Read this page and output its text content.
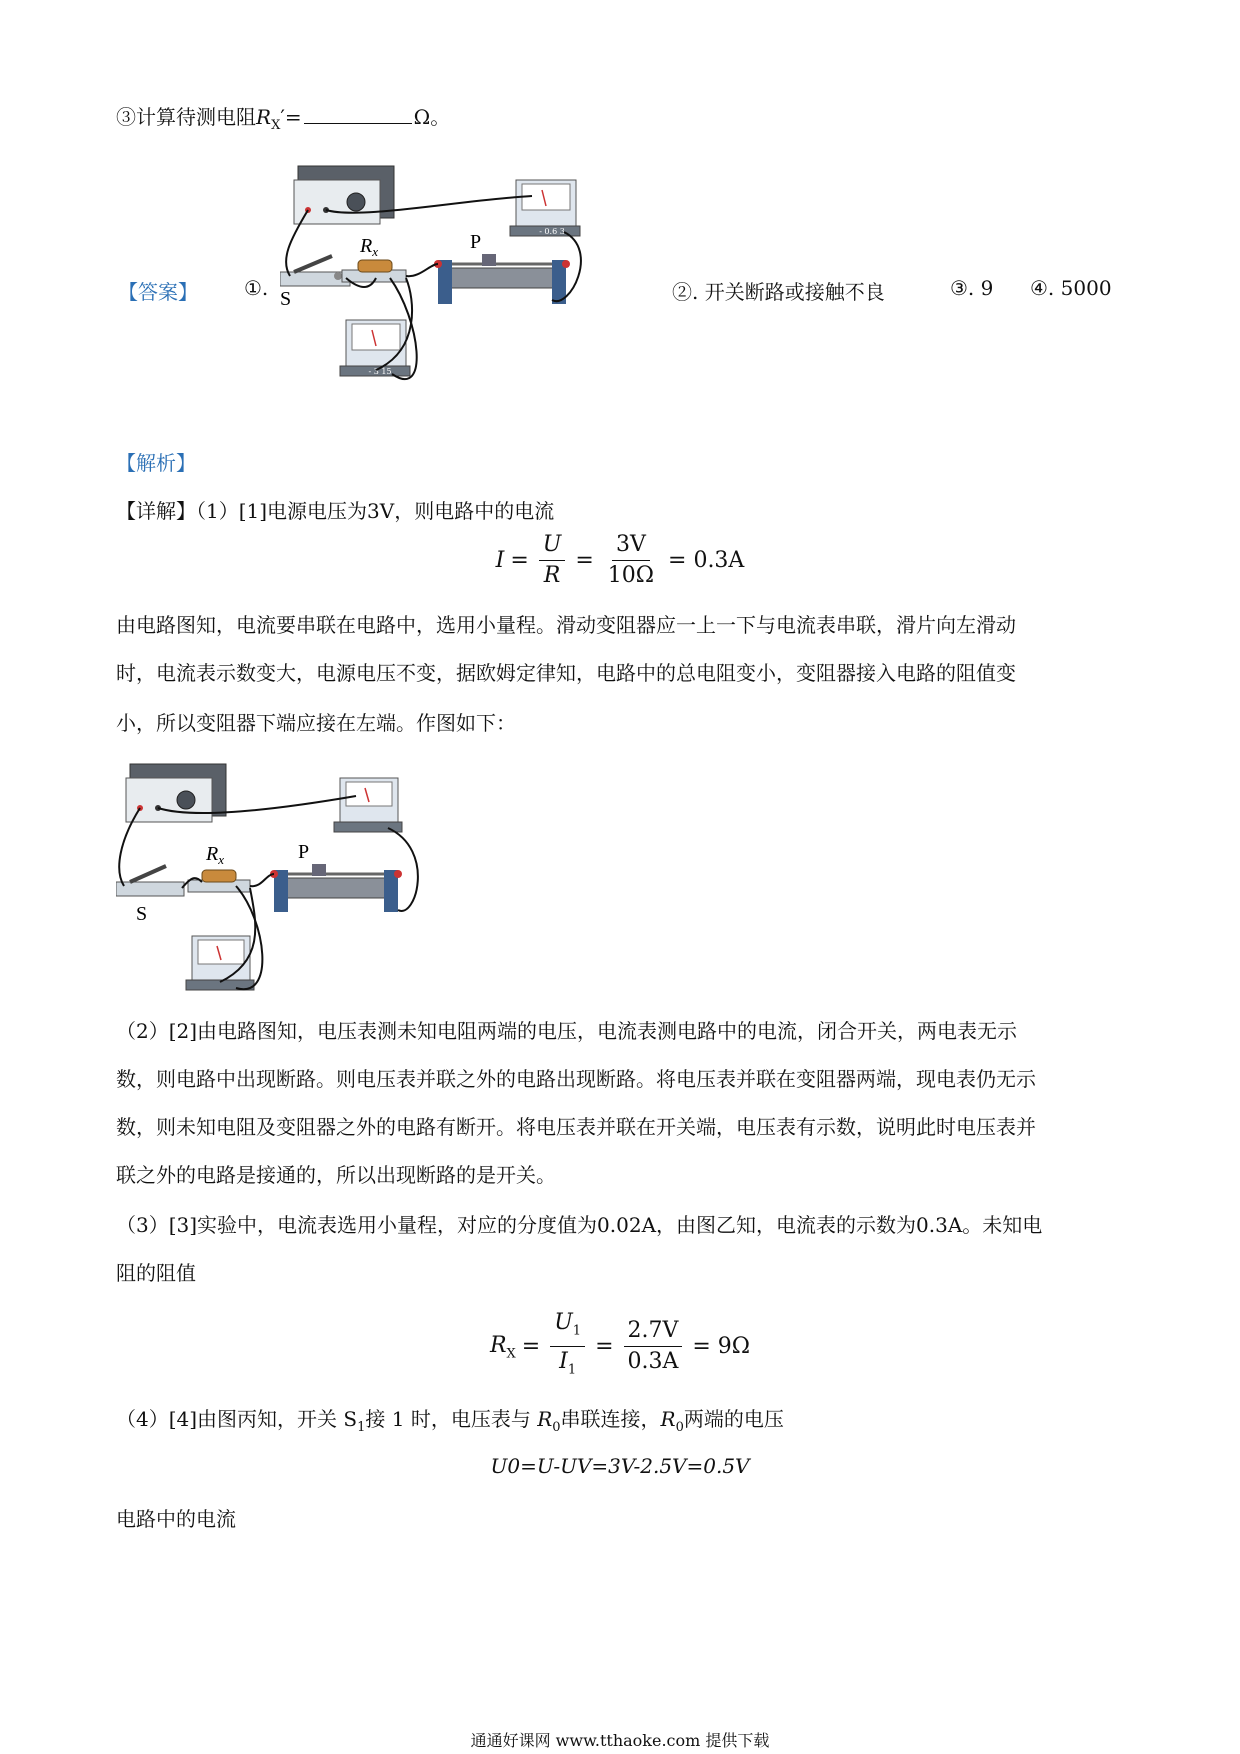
③计算待测电阻$R_X'=$	Ω。
【答案】 ①.	②. 开关断路或接触不良	③. 9 ④. 5000
- 0.6 3
S
$R_x$	P
- 3 15
【解析】
【详解】（1）[1]电源电压为3V，则电路中的电流
$I = \frac{U}{R} = \frac{3V}{10\Omega} = 0.3A$
由电路图知，电流要串联在电路中，选用小量程。滑动变阻器应一上一下与电流表串联，滑片向左滑动
时，电流表示数变大，电源电压不变，据欧姆定律知，电路中的总电阻变小，变阻器接入电路的阻值变
小，所以变阻器下端应接在左端。作图如下：
S
$R_x$	P
（2）[2]由电路图知，电压表测未知电阻两端的电压，电流表测电路中的电流，闭合开关，两电表无示
数，则电路中出现断路。则电压表并联之外的电路出现断路。将电压表并联在变阻器两端，现电表仍无示
数，则未知电阻及变阻器之外的电路有断开。将电压表并联在开关端，电压表有示数，说明此时电压表并
联之外的电路是接通的，所以出现断路的是开关。
（3）[3]实验中，电流表选用小量程，对应的分度值为0.02A，由图乙知，电流表的示数为0.3A。未知电
阻的阻值
$R_X = \frac{U_1}{I_1} = \frac{2.7V}{0.3A} = 9\Omega$
（4）[4]由图丙知，开关 $S_1$接 1 时，电压表与 $R_0$串联连接，$R_0$两端的电压
U0=U-UV=3V-2.5V=0.5V
电路中的电流
通通好课网 www.tthaoke.com 提供下载
